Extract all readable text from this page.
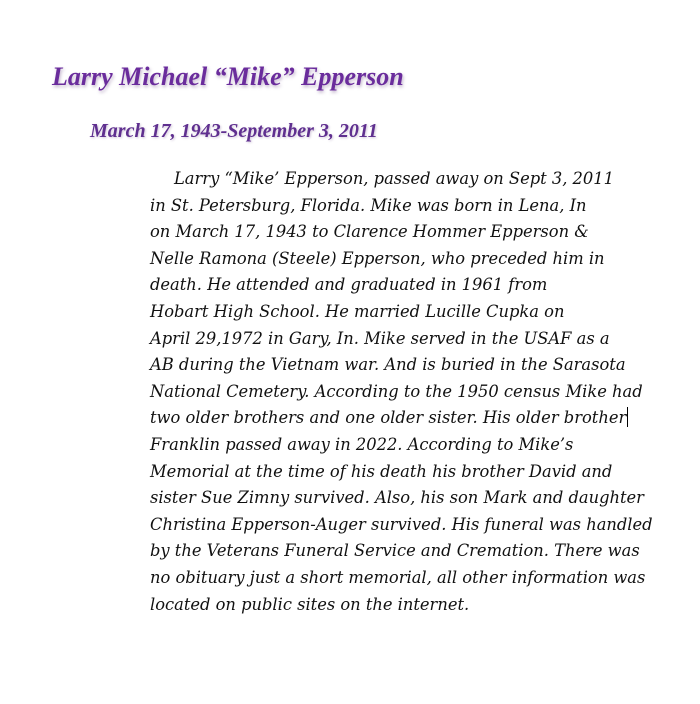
Larry Michael “Mike” Epperson
March 17, 1943-September 3, 2011
Larry “Mike’ Epperson, passed away on Sept 3, 2011
in St. Petersburg, Florida. Mike was born in Lena, In
on March 17, 1943 to Clarence Hommer Epperson &
Nelle Ramona (Steele) Epperson, who preceded him in
death. He attended and graduated in 1961 from
Hobart High School. He married Lucille Cupka on
April 29,1972 in Gary, In. Mike served in the USAF as a
AB during the Vietnam war. And is buried in the Sarasota
National Cemetery. According to the 1950 census Mike had
two older brothers and one older sister. His older brother
Franklin passed away in 2022. According to Mike’s
Memorial at the time of his death his brother David and
sister Sue Zimny survived. Also, his son Mark and daughter
Christina Epperson-Auger survived. His funeral was handled
by the Veterans Funeral Service and Cremation. There was
no obituary just a short memorial, all other information was
located on public sites on the internet.
